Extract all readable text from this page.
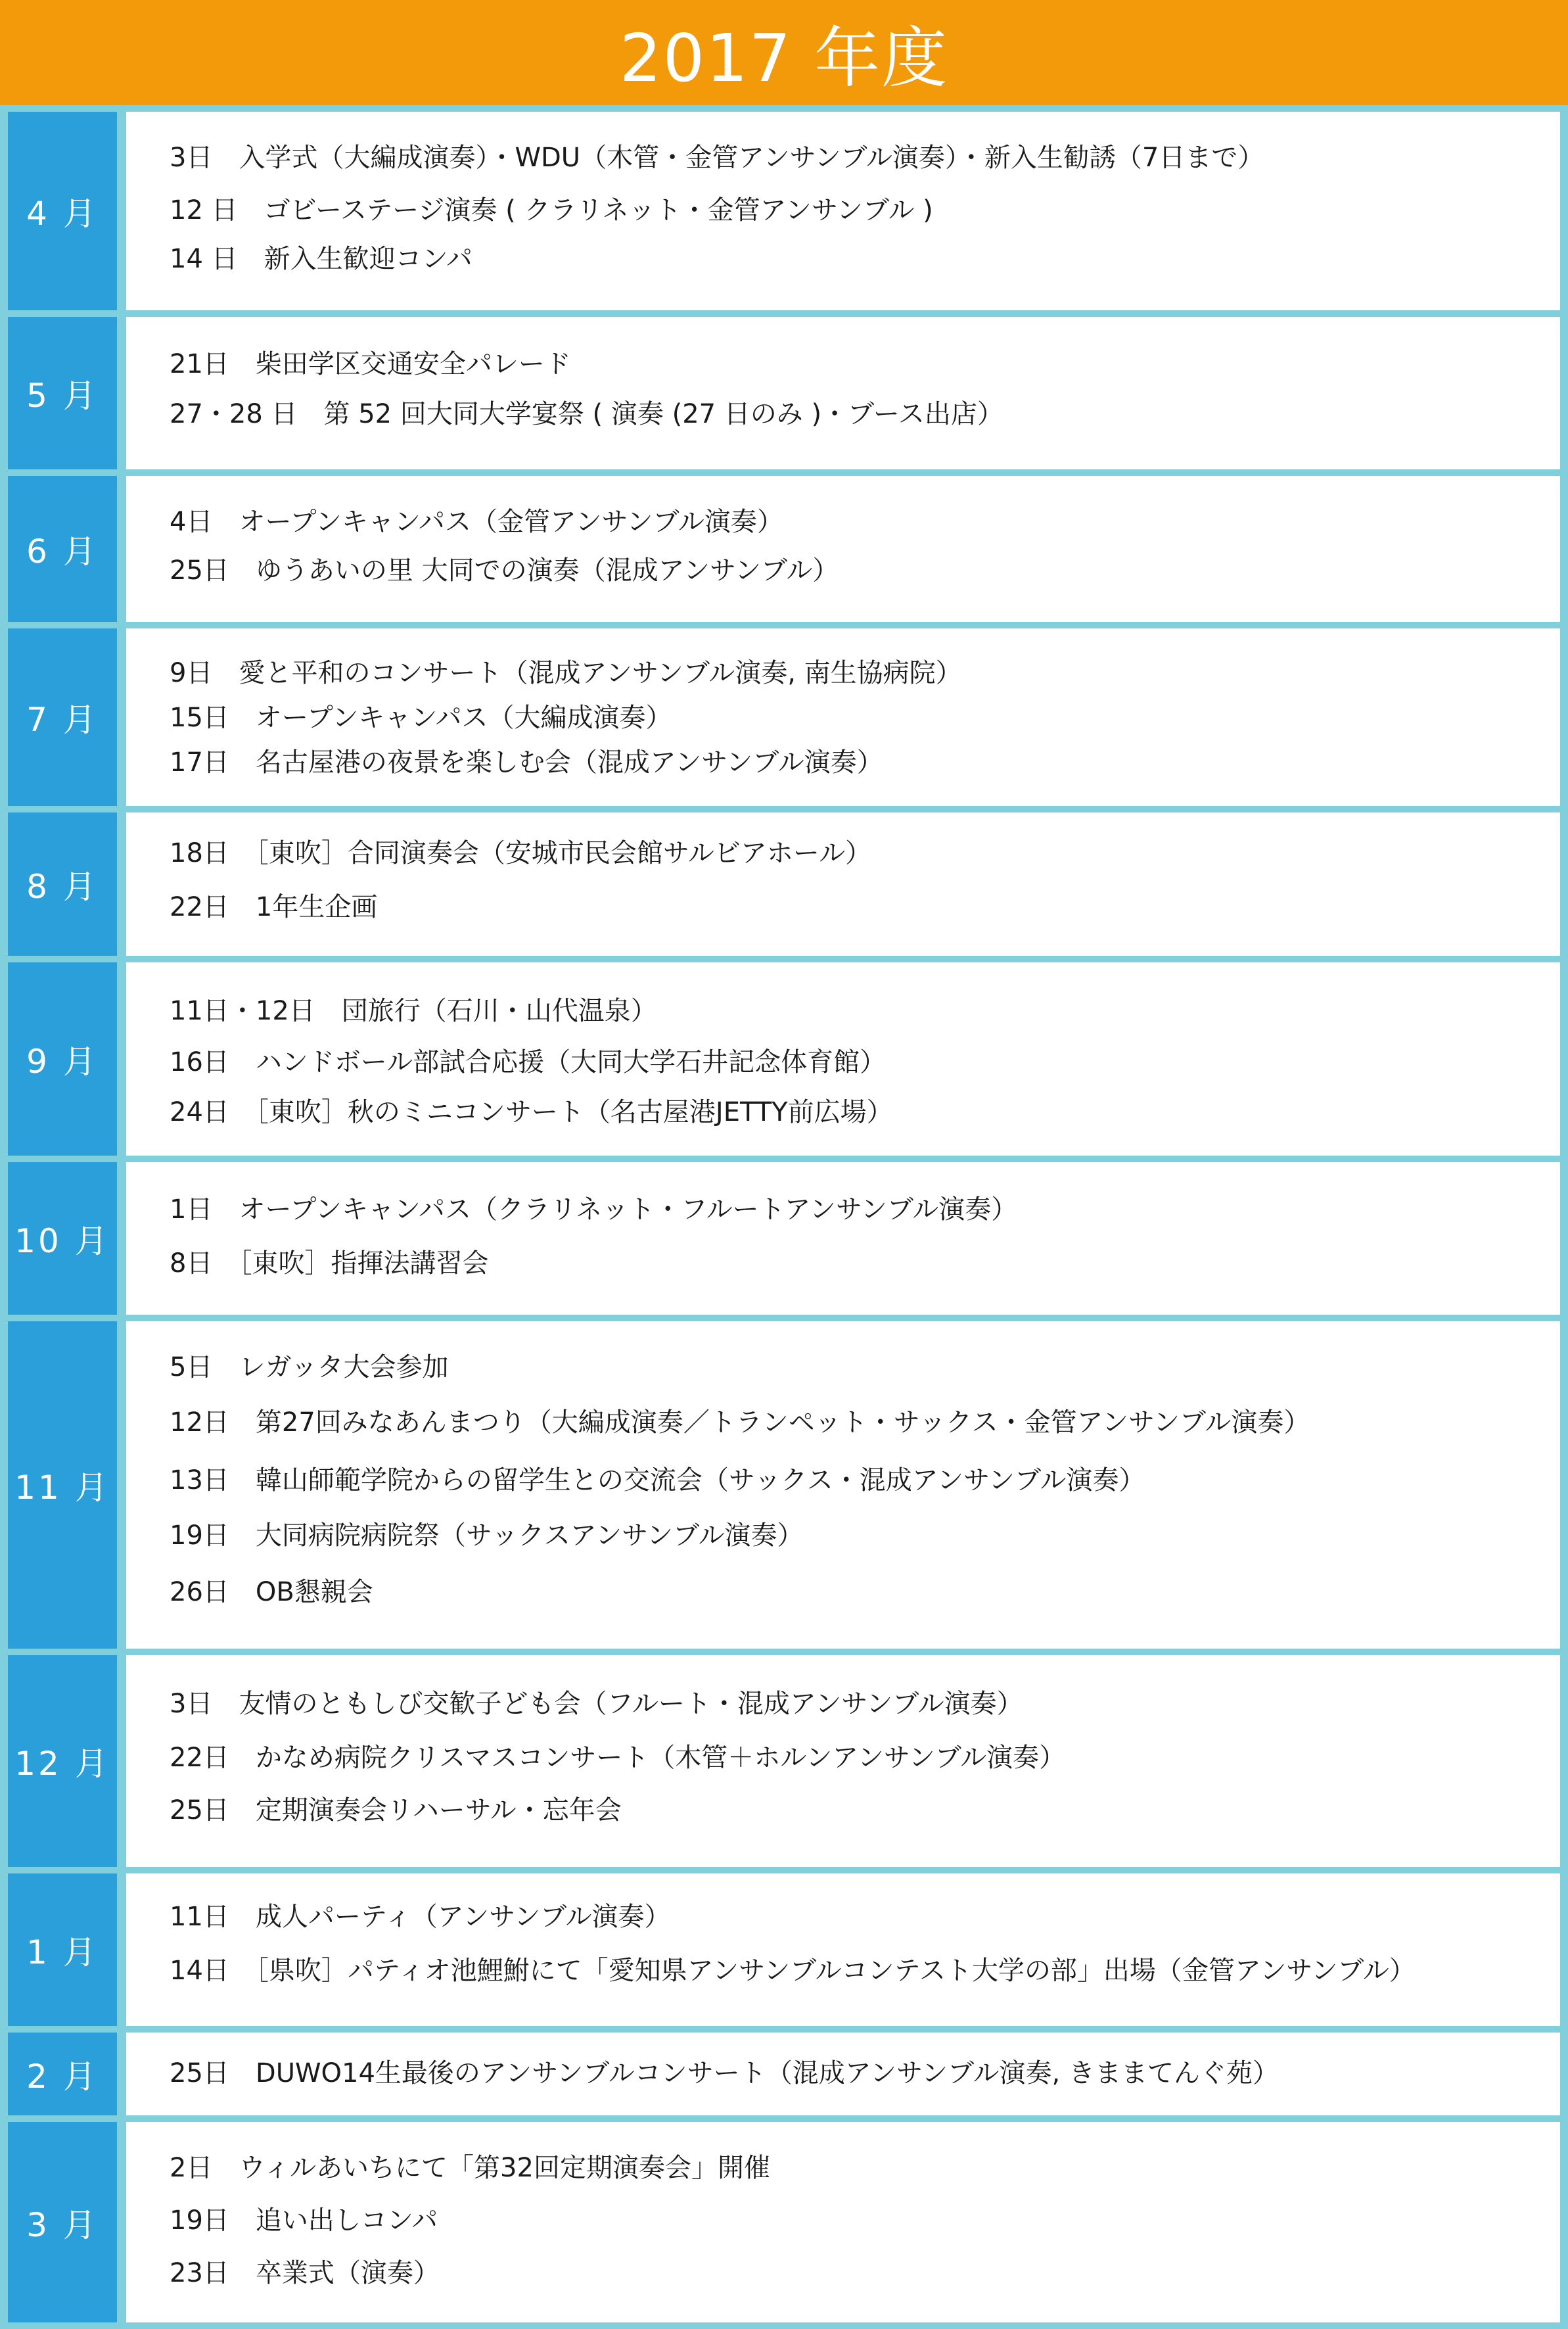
2017 年度
4 月
3日　入学式（大編成演奏）・WDU（木管・金管アンサンブル演奏）・新入生勧誘（7日まで）
12 日　ゴビーステージ演奏 ( クラリネット・金管アンサンブル )
14 日　新入生歓迎コンパ
5 月
21日　柴田学区交通安全パレード
27・28 日　第 52 回大同大学宴祭 ( 演奏 (27 日のみ )・ブース出店）
6 月
4日　オープンキャンパス（金管アンサンブル演奏）
25日　ゆうあいの里 大同での演奏（混成アンサンブル）
7 月
9日　愛と平和のコンサート（混成アンサンブル演奏, 南生協病院）
15日　オープンキャンパス（大編成演奏）
17日　名古屋港の夜景を楽しむ会（混成アンサンブル演奏）
8 月
18日　［東吹］合同演奏会（安城市民会館サルビアホール）
22日　1年生企画
9 月
11日・12日　団旅行（石川・山代温泉）
16日　ハンドボール部試合応援（大同大学石井記念体育館）
24日　［東吹］秋のミニコンサート（名古屋港JETTY前広場）
10 月
1日　オープンキャンパス（クラリネット・フルートアンサンブル演奏）
8日　［東吹］指揮法講習会
11 月
5日　レガッタ大会参加
12日　第27回みなあんまつり（大編成演奏／トランペット・サックス・金管アンサンブル演奏）
13日　韓山師範学院からの留学生との交流会（サックス・混成アンサンブル演奏）
19日　大同病院病院祭（サックスアンサンブル演奏）
26日　OB懇親会
12 月
3日　友情のともしび交歓子ども会（フルート・混成アンサンブル演奏）
22日　かなめ病院クリスマスコンサート（木管＋ホルンアンサンブル演奏）
25日　定期演奏会リハーサル・忘年会
1 月
11日　成人パーティ（アンサンブル演奏）
14日　［県吹］パティオ池鯉鮒にて「愛知県アンサンブルコンテスト大学の部」出場（金管アンサンブル）
2 月	25日　DUWO14生最後のアンサンブルコンサート（混成アンサンブル演奏, きままてんぐ苑）
3 月
2日　ウィルあいちにて「第32回定期演奏会」開催
19日　追い出しコンパ
23日　卒業式（演奏）
